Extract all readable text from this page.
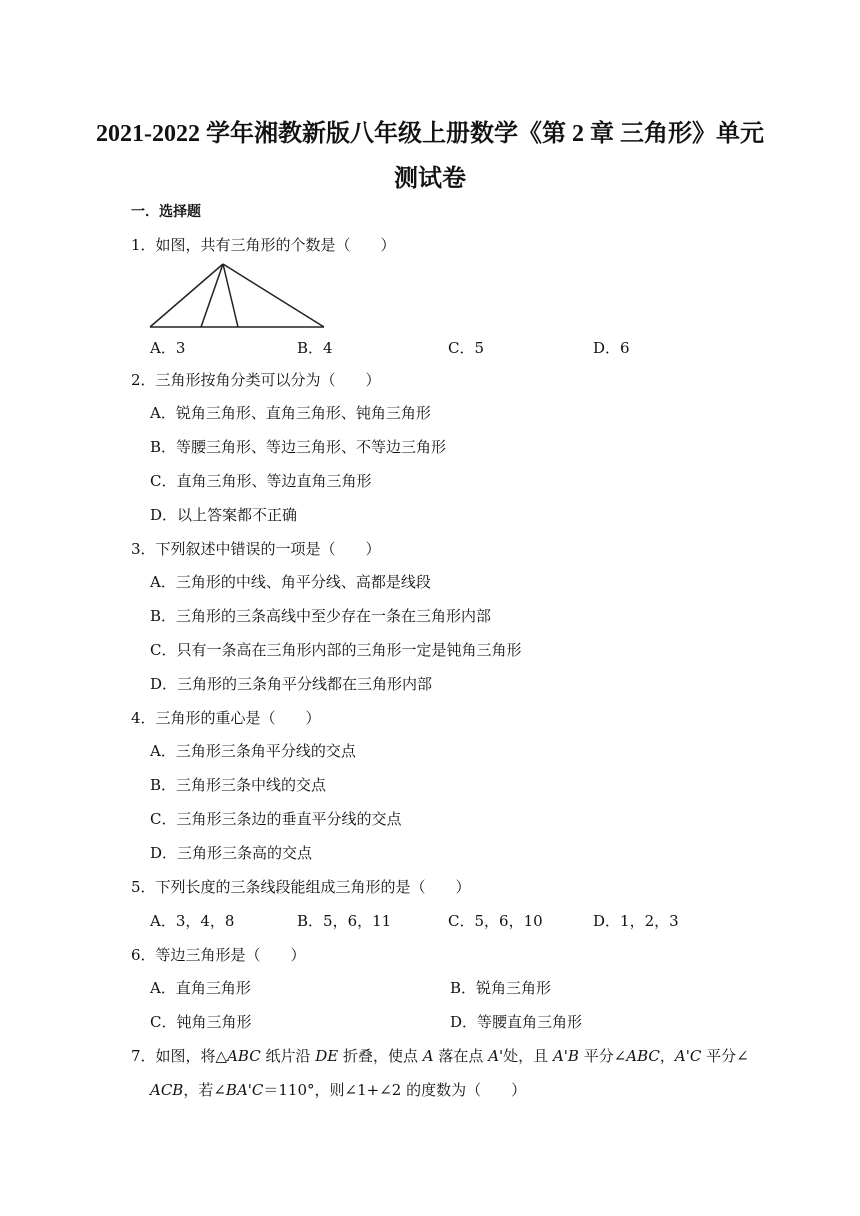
2021-2022 学年湘教新版八年级上册数学《第 2 章 三角形》单元
测试卷
一．选择题
1．如图，共有三角形的个数是（　　）
A．3	B．4	C．5	D．6
2．三角形按角分类可以分为（　　）
A．锐角三角形、直角三角形、钝角三角形
B．等腰三角形、等边三角形、不等边三角形
C．直角三角形、等边直角三角形
D．以上答案都不正确
3．下列叙述中错误的一项是（　　）
A．三角形的中线、角平分线、高都是线段
B．三角形的三条高线中至少存在一条在三角形内部
C．只有一条高在三角形内部的三角形一定是钝角三角形
D．三角形的三条角平分线都在三角形内部
4．三角形的重心是（　　）
A．三角形三条角平分线的交点
B．三角形三条中线的交点
C．三角形三条边的垂直平分线的交点
D．三角形三条高的交点
5．下列长度的三条线段能组成三角形的是（　　）
A．3，4，8	B．5，6，11	C．5，6，10	D．1，2，3
6．等边三角形是（　　）
A．直角三角形	B．锐角三角形
C．钝角三角形	D．等腰直角三角形
7．如图，将△ABC 纸片沿 DE 折叠，使点 A 落在点 A'处，且 A'B 平分∠ABC，A'C 平分∠
ACB，若∠BA'C＝110°，则∠1+∠2 的度数为（　　）
